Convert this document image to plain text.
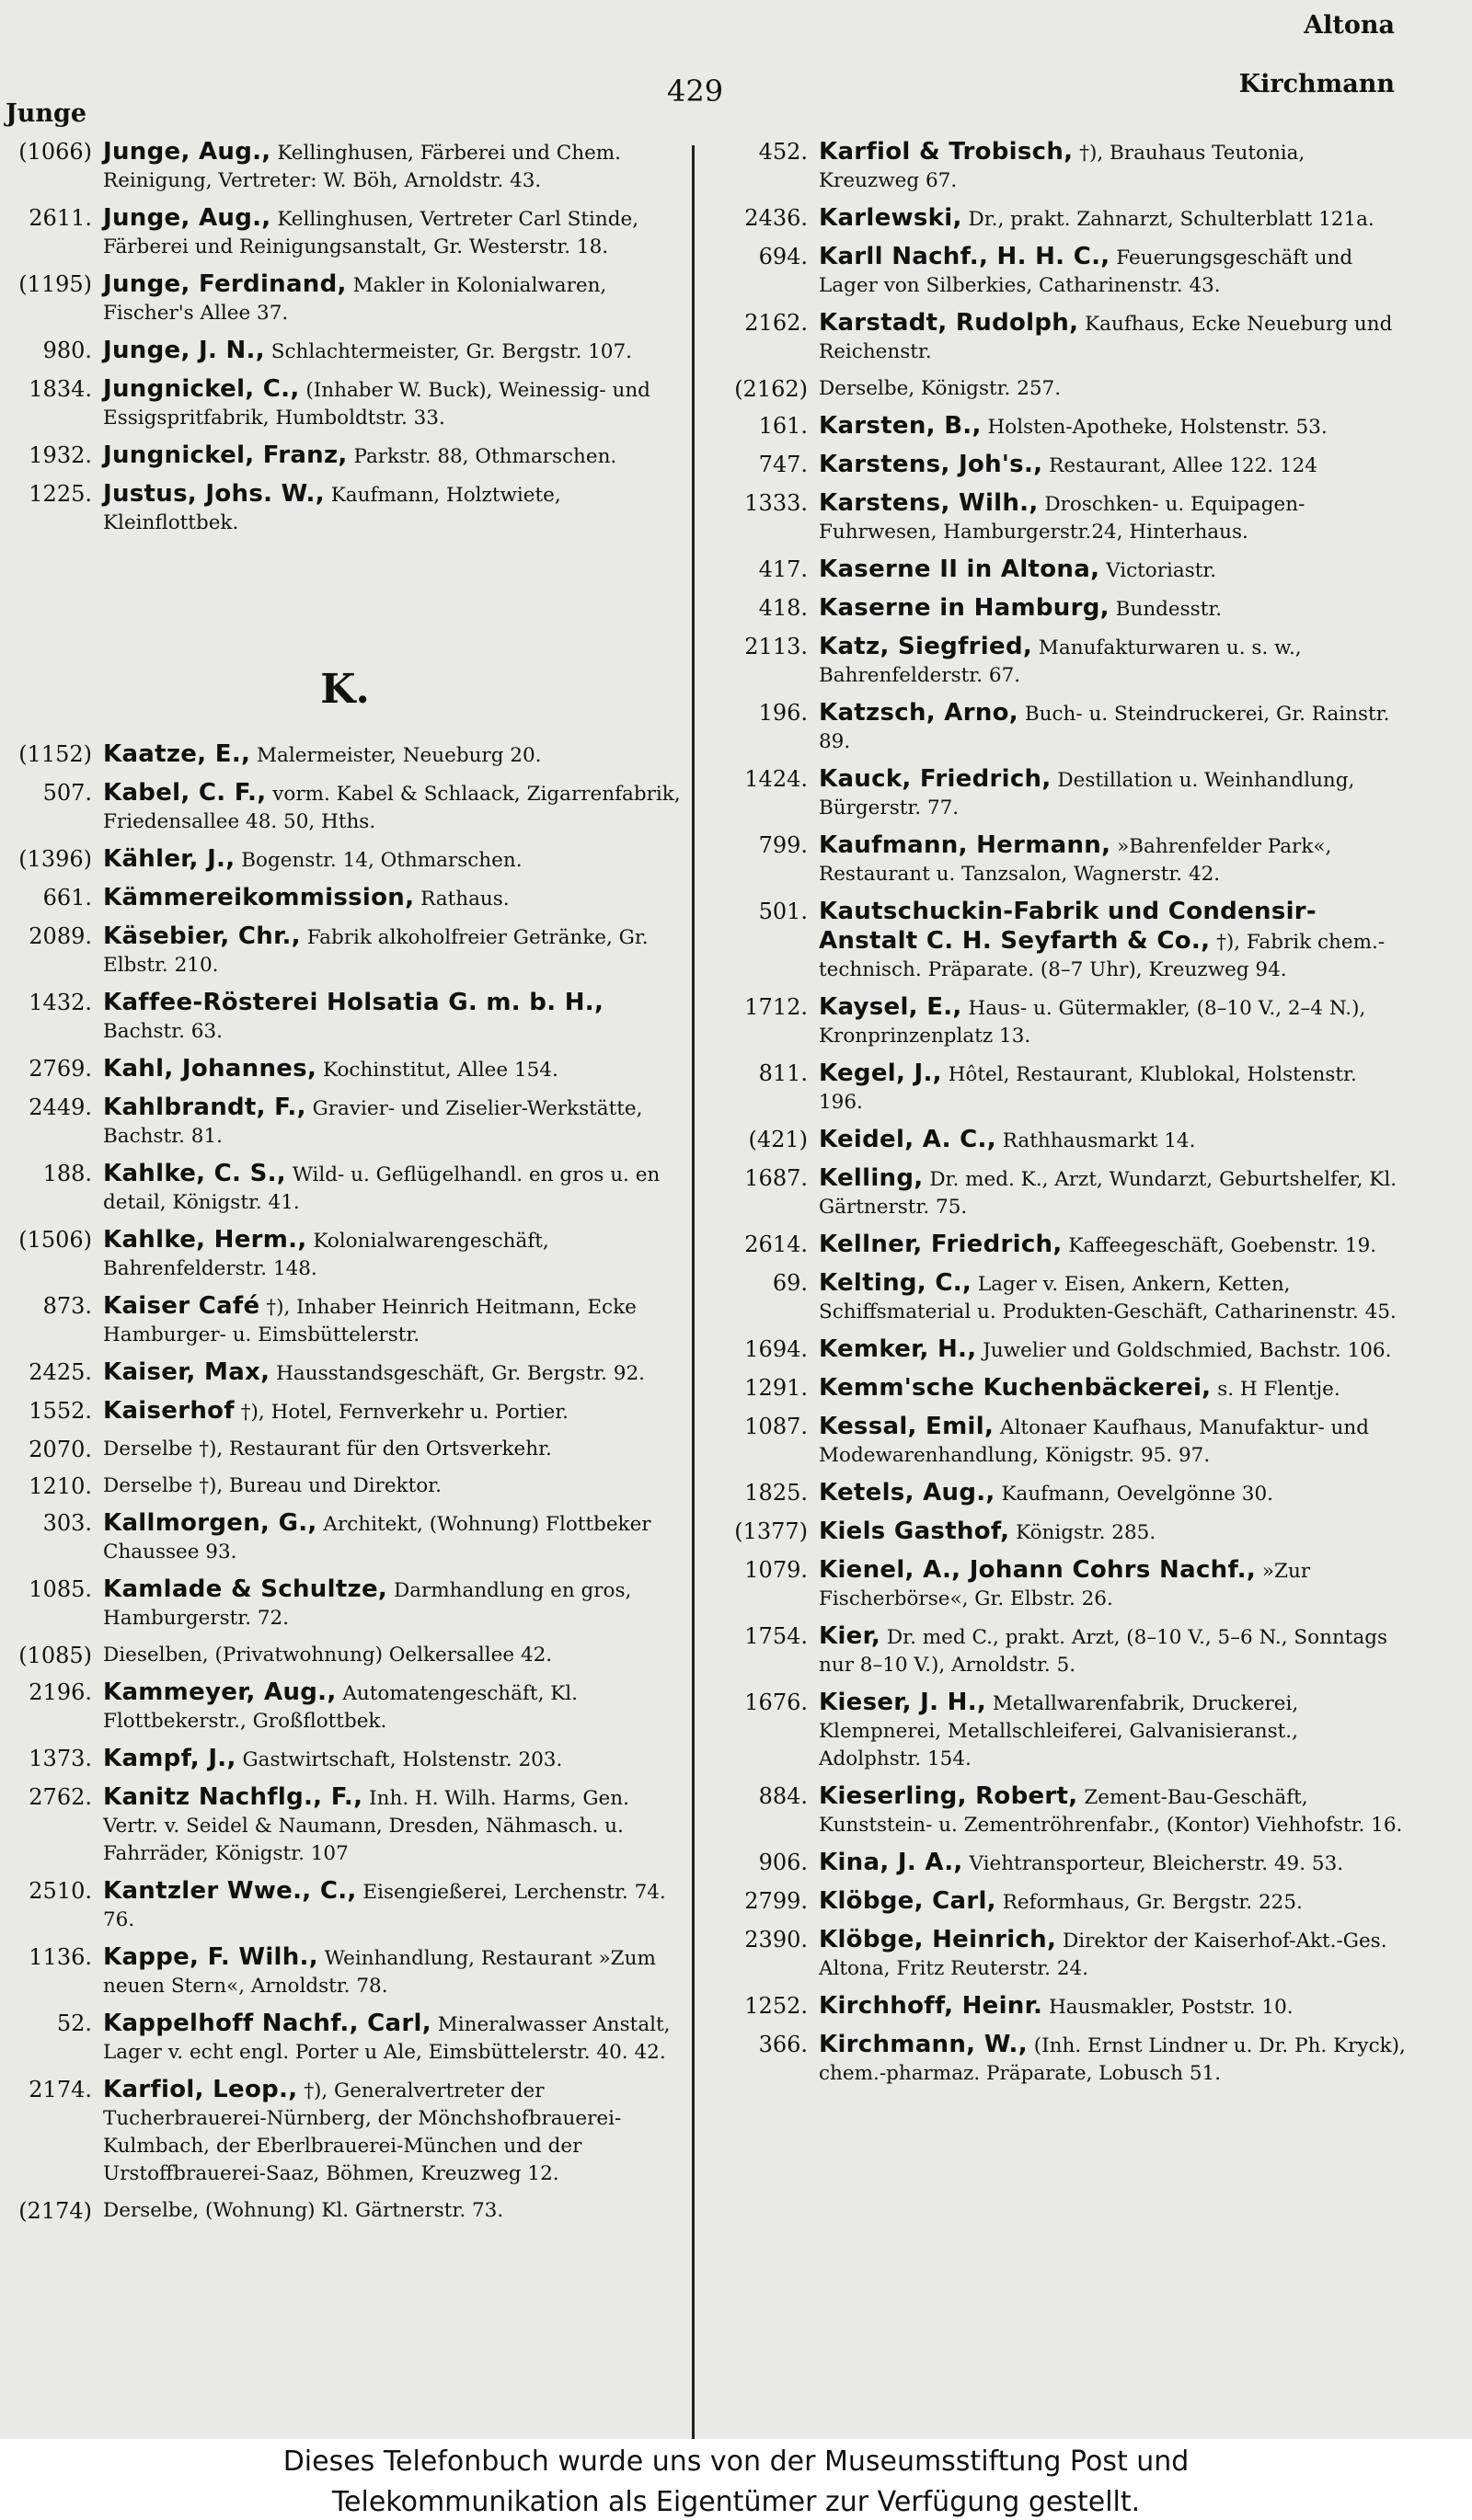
Junge
429
Altona
Kirchmann
(1066) Junge, Aug., Kellinghusen, Färberei und Chem. Reinigung, Vertreter: W. Böh, Arnoldstr. 43.
2611. Junge, Aug., Kellinghusen, Vertreter Carl Stinde, Färberei und Reinigungsanstalt, Gr. Westerstr. 18.
(1195) Junge, Ferdinand, Makler in Kolonialwaren, Fischer's Allee 37.
980. Junge, J. N., Schlachtermeister, Gr. Bergstr. 107.
1834. Jungnickel, C., (Inhaber W. Buck), Weinessig- und Essigspritfabrik, Humboldtstr. 33.
1932. Jungnickel, Franz, Parkstr. 88, Othmarschen.
1225. Justus, Johs. W., Kaufmann, Holztwiete, Kleinflottbek.
K.
(1152) Kaatze, E., Malermeister, Neueburg 20.
507. Kabel, C. F., vorm. Kabel & Schlaack, Zigarrenfabrik, Friedensallee 48. 50, Hths.
(1396) Kähler, J., Bogenstr. 14, Othmarschen.
661. Kämmereikommission, Rathaus.
2089. Käsebier, Chr., Fabrik alkoholfreier Getränke, Gr. Elbstr. 210.
1432. Kaffee-Rösterei Holsatia G. m. b. H., Bachstr. 63.
2769. Kahl, Johannes, Kochinstitut, Allee 154.
2449. Kahlbrandt, F., Gravier- und Ziselier-Werkstätte, Bachstr. 81.
188. Kahlke, C. S., Wild- u. Geflügelhandl. en gros u. en detail, Königstr. 41.
(1506) Kahlke, Herm., Kolonialwarengeschäft, Bahrenfelderstr. 148.
873. Kaiser Café †), Inhaber Heinrich Heitmann, Ecke Hamburger- u. Eimsbüttelerstr.
2425. Kaiser, Max, Hausstandsgeschäft, Gr. Bergstr. 92.
1552. Kaiserhof †), Hotel, Fernverkehr u. Portier.
2070. Derselbe †), Restaurant für den Ortsverkehr.
1210. Derselbe †), Bureau und Direktor.
303. Kallmorgen, G., Architekt, (Wohnung) Flottbeker Chaussee 93.
1085. Kamlade & Schultze, Darmhandlung en gros, Hamburgerstr. 72.
(1085) Dieselben, (Privatwohnung) Oelkersallee 42.
2196. Kammeyer, Aug., Automatengeschäft, Kl. Flottbekerstr., Großflottbek.
1373. Kampf, J., Gastwirtschaft, Holstenstr. 203.
2762. Kanitz Nachflg., F., Inh. H. Wilh. Harms, Gen. Vertr. v. Seidel & Naumann, Dresden, Nähmasch. u. Fahrräder, Königstr. 107
2510. Kantzler Wwe., C., Eisengießerei, Lerchenstr. 74. 76.
1136. Kappe, F. Wilh., Weinhandlung, Restaurant »Zum neuen Stern«, Arnoldstr. 78.
52. Kappelhoff Nachf., Carl, Mineralwasser Anstalt, Lager v. echt engl. Porter u Ale, Eimsbüttelerstr. 40. 42.
2174. Karfiol, Leop., †), Generalvertreter der Tucherbrauerei-Nürnberg, der Mönchshofbrauerei-Kulmbach, der Eberlbrauerei-München und der Urstoffbrauerei-Saaz, Böhmen, Kreuzweg 12.
(2174) Derselbe, (Wohnung) Kl. Gärtnerstr. 73.
452. Karfiol & Trobisch, †), Brauhaus Teutonia, Kreuzweg 67.
2436. Karlewski, Dr., prakt. Zahnarzt, Schulterblatt 121a.
694. Karll Nachf., H. H. C., Feuerungsgeschäft und Lager von Silberkies, Catharinenstr. 43.
2162. Karstadt, Rudolph, Kaufhaus, Ecke Neueburg und Reichenstr.
(2162) Derselbe, Königstr. 257.
161. Karsten, B., Holsten-Apotheke, Holstenstr. 53.
747. Karstens, Joh's., Restaurant, Allee 122. 124
1333. Karstens, Wilh., Droschken- u. Equipagen-Fuhrwesen, Hamburgerstr.24, Hinterhaus.
417. Kaserne II in Altona, Victoriastr.
418. Kaserne in Hamburg, Bundesstr.
2113. Katz, Siegfried, Manufakturwaren u. s. w., Bahrenfelderstr. 67.
196. Katzsch, Arno, Buch- u. Steindruckerei, Gr. Rainstr. 89.
1424. Kauck, Friedrich, Destillation u. Weinhandlung, Bürgerstr. 77.
799. Kaufmann, Hermann, »Bahrenfelder Park«, Restaurant u. Tanzsalon, Wagnerstr. 42.
501. Kautschuckin-Fabrik und Condensir-Anstalt C. H. Seyfarth & Co., †), Fabrik chem.-technisch. Präparate. (8–7 Uhr), Kreuzweg 94.
1712. Kaysel, E., Haus- u. Gütermakler, (8–10 V., 2–4 N.), Kronprinzenplatz 13.
811. Kegel, J., Hôtel, Restaurant, Klublokal, Holstenstr. 196.
(421) Keidel, A. C., Rathhausmarkt 14.
1687. Kelling, Dr. med. K., Arzt, Wundarzt, Geburtshelfer, Kl. Gärtnerstr. 75.
2614. Kellner, Friedrich, Kaffeegeschäft, Goebenstr. 19.
69. Kelting, C., Lager v. Eisen, Ankern, Ketten, Schiffsmaterial u. Produkten-Geschäft, Catharinenstr. 45.
1694. Kemker, H., Juwelier und Goldschmied, Bachstr. 106.
1291. Kemm'sche Kuchenbäckerei, s. H Flentje.
1087. Kessal, Emil, Altonaer Kaufhaus, Manufaktur- und Modewarenhandlung, Königstr. 95. 97.
1825. Ketels, Aug., Kaufmann, Oevelgönne 30.
(1377) Kiels Gasthof, Königstr. 285.
1079. Kienel, A., Johann Cohrs Nachf., »Zur Fischerbörse«, Gr. Elbstr. 26.
1754. Kier, Dr. med C., prakt. Arzt, (8–10 V., 5–6 N., Sonntags nur 8–10 V.), Arnoldstr. 5.
1676. Kieser, J. H., Metallwarenfabrik, Druckerei, Klempnerei, Metallschleiferei, Galvanisieranst., Adolphstr. 154.
884. Kieserling, Robert, Zement-Bau-Geschäft, Kunststein- u. Zementröhrenfabr., (Kontor) Viehhofstr. 16.
906. Kina, J. A., Viehtransporteur, Bleicherstr. 49. 53.
2799. Klöbge, Carl, Reformhaus, Gr. Bergstr. 225.
2390. Klöbge, Heinrich, Direktor der Kaiserhof-Akt.-Ges. Altona, Fritz Reuterstr. 24.
1252. Kirchhoff, Heinr. Hausmakler, Poststr. 10.
366. Kirchmann, W., (Inh. Ernst Lindner u. Dr. Ph. Kryck), chem.-pharmaz. Präparate, Lobusch 51.
Dieses Telefonbuch wurde uns von der Museumsstiftung Post und
Telekommunikation als Eigentümer zur Verfügung gestellt.
